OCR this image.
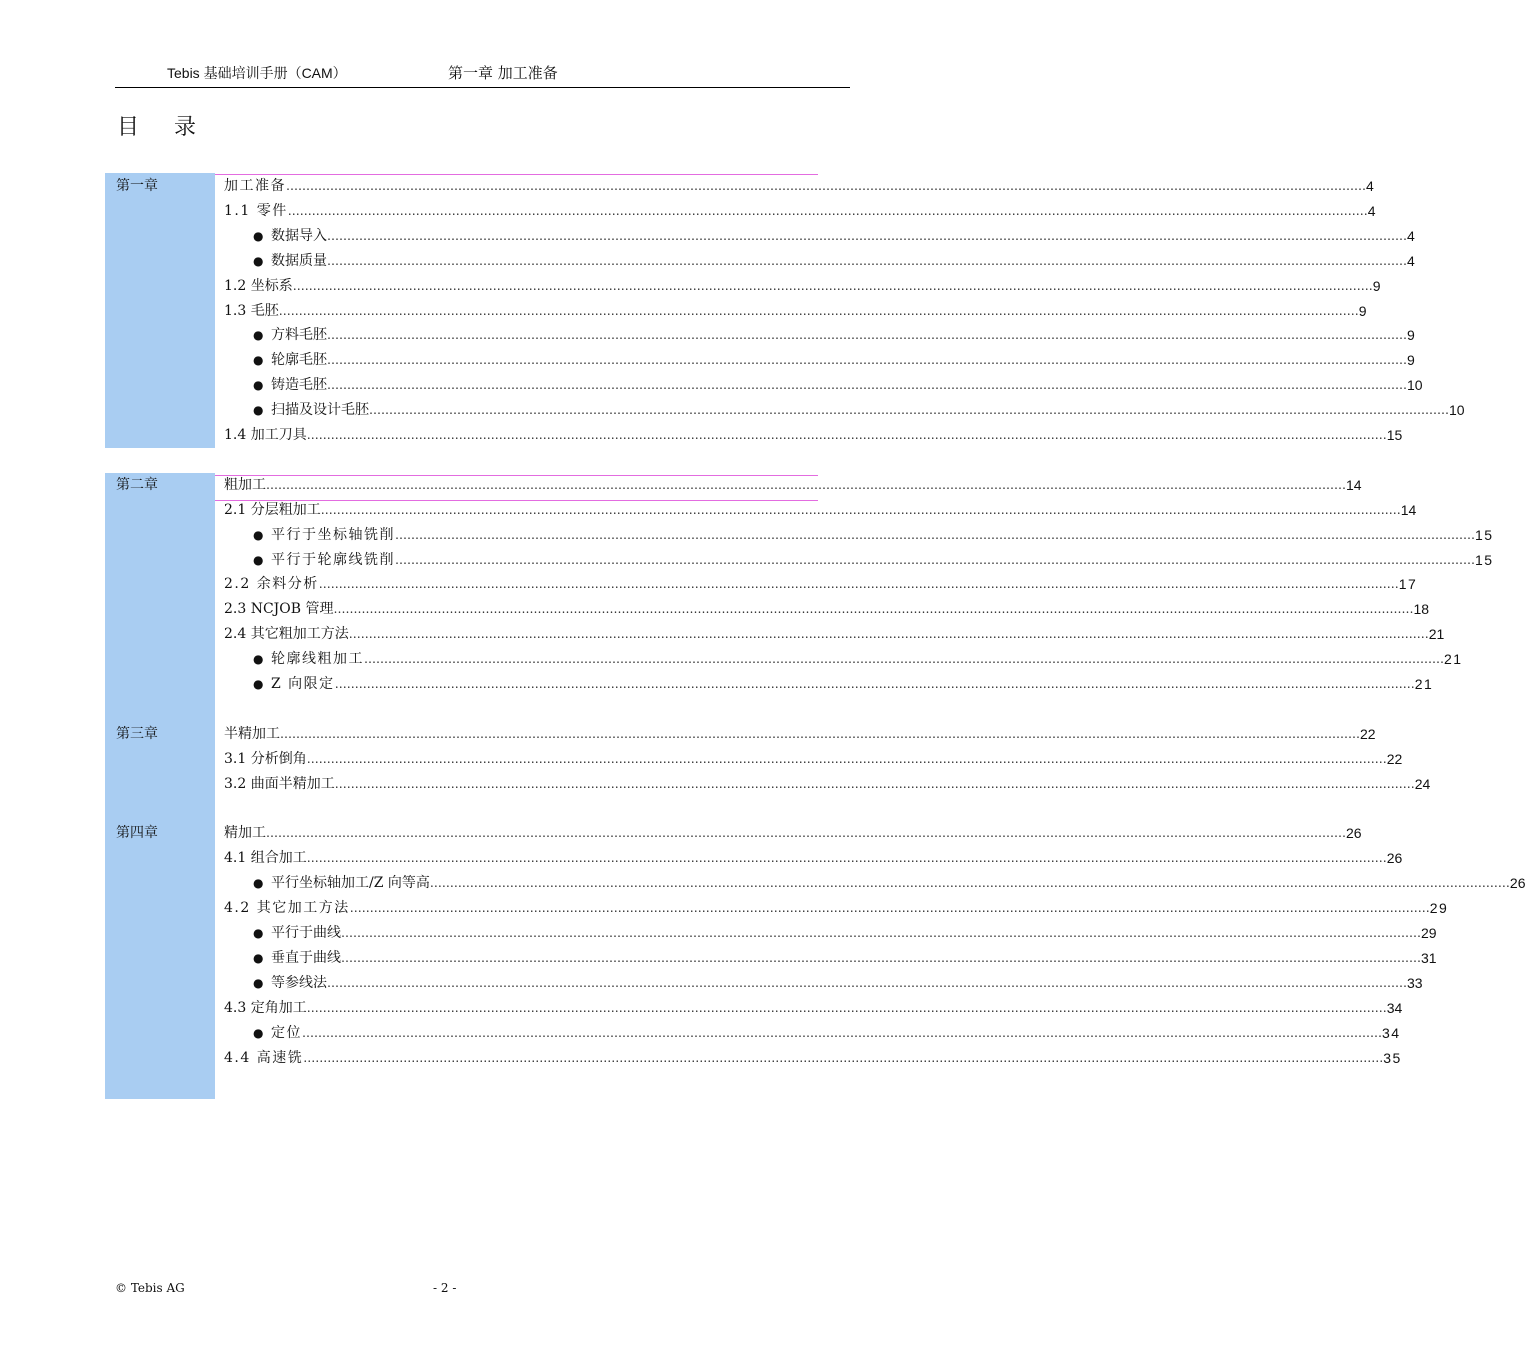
Tebis 基础培训手册（CAM）	第一章 加工准备
目 录
第一章	加工准备 ……………………………………………………………………………………………………………………………………………………………………………………………………………………………………………… 4
1.1 零件 ……………………………………………………………………………………………………………………………………………………………………………………………………………………………………………… 4
● 数据导入 ……………………………………………………………………………………………………………………………………………………………………………………………………………………………………………… 4
● 数据质量 ……………………………………………………………………………………………………………………………………………………………………………………………………………………………………………… 4
1.2 坐标系 ……………………………………………………………………………………………………………………………………………………………………………………………………………………………………………… 9
1.3 毛胚 ……………………………………………………………………………………………………………………………………………………………………………………………………………………………………………… 9
● 方料毛胚 ……………………………………………………………………………………………………………………………………………………………………………………………………………………………………………… 9
● 轮廓毛胚 ……………………………………………………………………………………………………………………………………………………………………………………………………………………………………………… 9
● 铸造毛胚 ……………………………………………………………………………………………………………………………………………………………………………………………………………………………………………… 10
● 扫描及设计毛胚 ……………………………………………………………………………………………………………………………………………………………………………………………………………………………………………… 10
1.4 加工刀具 ……………………………………………………………………………………………………………………………………………………………………………………………………………………………………………… 15
第二章	粗加工 ……………………………………………………………………………………………………………………………………………………………………………………………………………………………………………… 14
2.1 分层粗加工 ……………………………………………………………………………………………………………………………………………………………………………………………………………………………………………… 14
● 平行于坐标轴铣削 ……………………………………………………………………………………………………………………………………………………………………………………………………………………………………………… 15
● 平行于轮廓线铣削 ……………………………………………………………………………………………………………………………………………………………………………………………………………………………………………… 15
2.2 余料分析 ……………………………………………………………………………………………………………………………………………………………………………………………………………………………………………… 17
2.3 NCJOB 管理 ……………………………………………………………………………………………………………………………………………………………………………………………………………………………………………… 18
2.4 其它粗加工方法 ……………………………………………………………………………………………………………………………………………………………………………………………………………………………………………… 21
● 轮廓线粗加工 ……………………………………………………………………………………………………………………………………………………………………………………………………………………………………………… 21
● Z 向限定 ……………………………………………………………………………………………………………………………………………………………………………………………………………………………………………… 21
第三章	半精加工 ……………………………………………………………………………………………………………………………………………………………………………………………………………………………………………… 22
3.1 分析倒角 ……………………………………………………………………………………………………………………………………………………………………………………………………………………………………………… 22
3.2 曲面半精加工 ……………………………………………………………………………………………………………………………………………………………………………………………………………………………………………… 24
第四章	精加工 ……………………………………………………………………………………………………………………………………………………………………………………………………………………………………………… 26
4.1 组合加工 ……………………………………………………………………………………………………………………………………………………………………………………………………………………………………………… 26
● 平行坐标轴加工/Z 向等高 ……………………………………………………………………………………………………………………………………………………………………………………………………………………………………………… 26
4.2 其它加工方法 ……………………………………………………………………………………………………………………………………………………………………………………………………………………………………………… 29
● 平行于曲线 ……………………………………………………………………………………………………………………………………………………………………………………………………………………………………………… 29
● 垂直于曲线 ……………………………………………………………………………………………………………………………………………………………………………………………………………………………………………… 31
● 等参线法 ……………………………………………………………………………………………………………………………………………………………………………………………………………………………………………… 33
4.3 定角加工 ……………………………………………………………………………………………………………………………………………………………………………………………………………………………………………… 34
● 定位 ……………………………………………………………………………………………………………………………………………………………………………………………………………………………………………… 34
4.4 高速铣 ……………………………………………………………………………………………………………………………………………………………………………………………………………………………………………… 35
© Tebis AG	- 2 -
